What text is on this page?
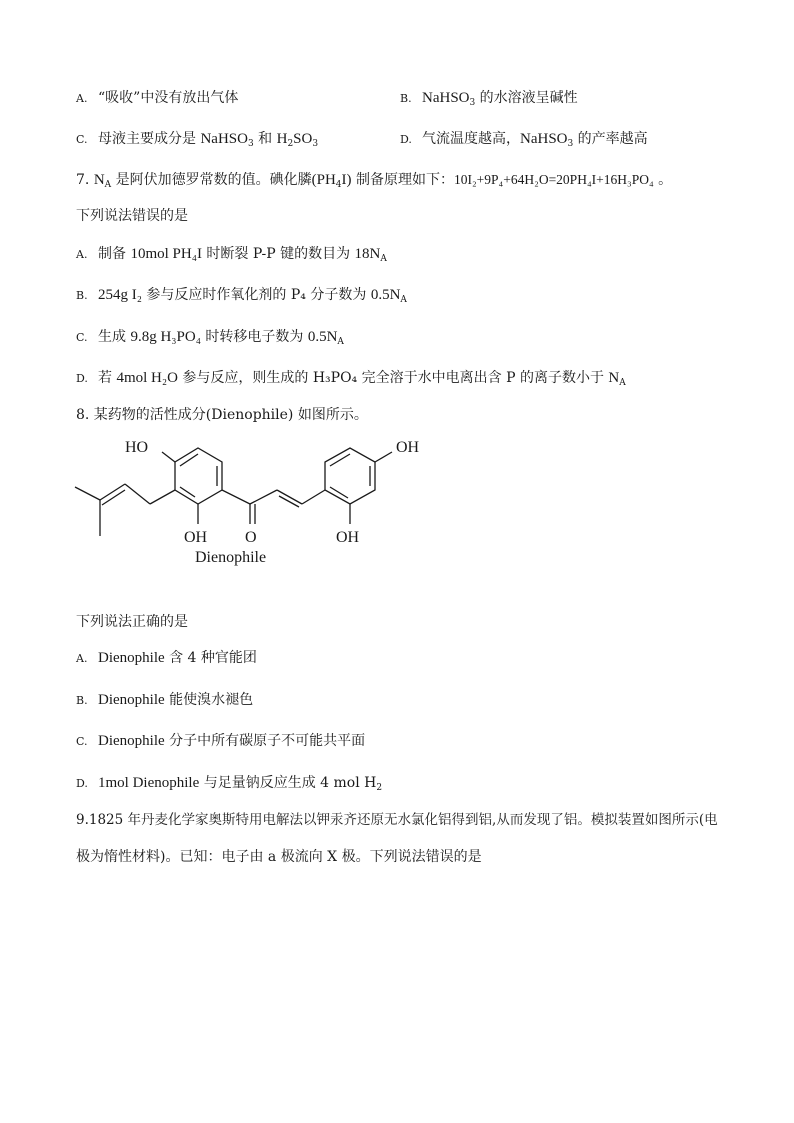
A. “吸收”中没有放出气体	B. NaHSO$_3$ 的水溶液呈碱性
C. 母液主要成分是 NaHSO$_3$ 和 $H_2SO_3$	D. 气流温度越高，NaHSO$_3$ 的产率越高
7. $N_A$ 是阿伏加德罗常数的值。碘化膦$(PH_4I)$ 制备原理如下：10I₂+9P₄+64H₂O=20PH₄I+16H₃PO₄ 。
下列说法错误的是
A. 制备 10mol PH₄I 时断裂 P-P 键的数目为 $18N_A$
B. 254g I₂ 参与反应时作氧化剂的 P₄ 分子数为 $0.5N_A$
C. 生成 9.8g H₃PO₄ 时转移电子数为 $0.5N_A$
D. 若 4mol H₂O 参与反应，则生成的 H₃PO₄ 完全溶于水中电离出含 P 的离子数小于 $N_A$
8. 某药物的活性成分(Dienophile) 如图所示。
HO	OH
OH O	OH
Dienophile
下列说法正确的是
A. Dienophile 含 4 种官能团
B. Dienophile 能使溴水褪色
C. Dienophile 分子中所有碳原子不可能共平面
D. 1mol Dienophile 与足量钠反应生成 4 mol $H_2$
9.1825 年丹麦化学家奥斯特用电解法以钾汞齐还原无水氯化铝得到铝,从而发现了铝。模拟装置如图所示(电
极为惰性材料)。已知：电子由 a 极流向 X 极。下列说法错误的是
